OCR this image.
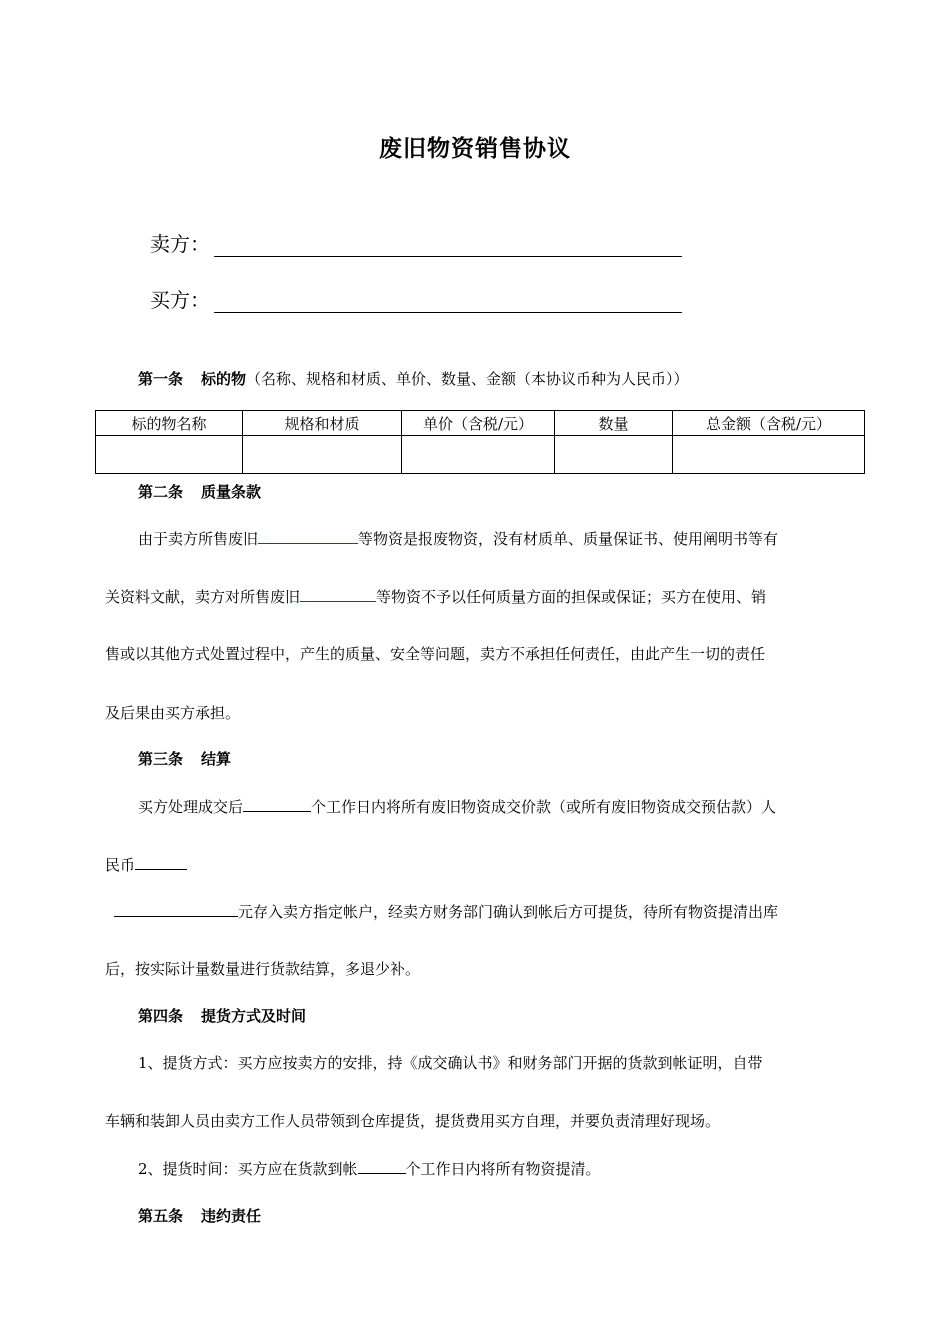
废旧物资销售协议
卖方：
买方：
第一条 标的物（名称、规格和材质、单价、数量、金额（本协议币种为人民币））
标的物名称	规格和材质	单价（含税/元）	数量	总金额（含税/元）

第二条 质量条款
由于卖方所售废旧	等物资是报废物资，没有材质单、质量保证书、使用阐明书等有
关资料文献，卖方对所售废旧	等物资不予以任何质量方面的担保或保证；买方在使用、销
售或以其他方式处置过程中，产生的质量、安全等问题，卖方不承担任何责任，由此产生一切的责任
及后果由买方承担。
第三条 结算
买方处理成交后	个工作日内将所有废旧物资成交价款（或所有废旧物资成交预估款）人
民币
元存入卖方指定帐户，经卖方财务部门确认到帐后方可提货，待所有物资提清出库
后，按实际计量数量进行货款结算，多退少补。
第四条 提货方式及时间
1、提货方式：买方应按卖方的安排，持《成交确认书》和财务部门开据的货款到帐证明，自带
车辆和装卸人员由卖方工作人员带领到仓库提货，提货费用买方自理，并要负责清理好现场。
2、提货时间：买方应在货款到帐	个工作日内将所有物资提清。
第五条 违约责任
